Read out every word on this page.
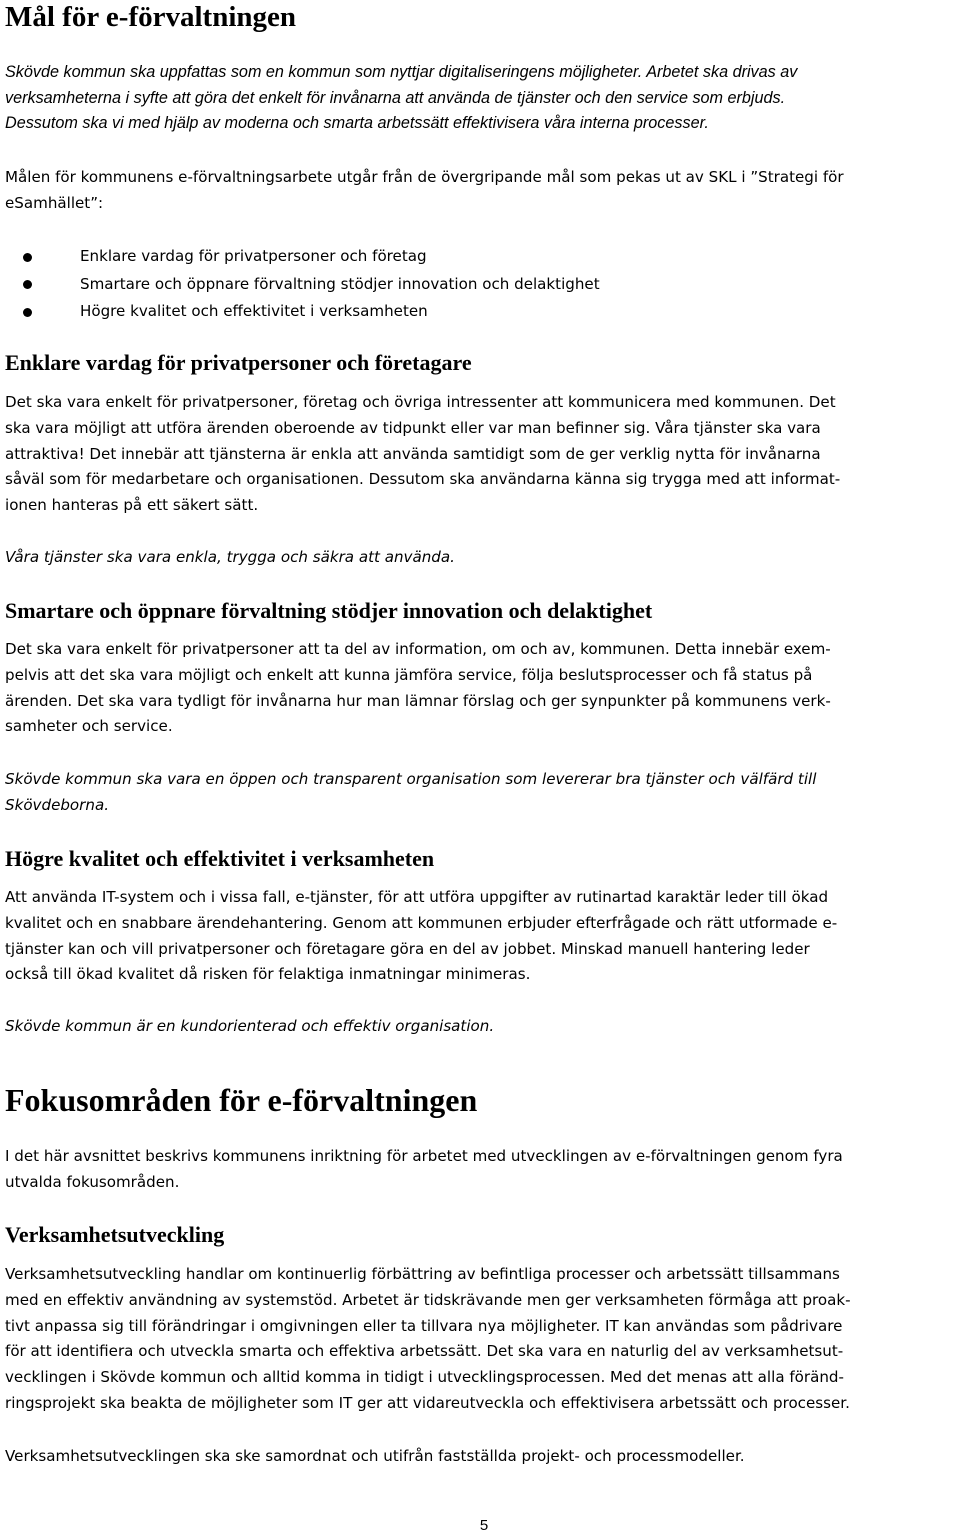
Mål för e-förvaltningen

Skövde kommun ska uppfattas som en kommun som nyttjar digitaliseringens möjligheter. Arbetet ska drivas av
verksamheterna i syfte att göra det enkelt för invånarna att använda de tjänster och den service som erbjuds.
Dessutom ska vi med hjälp av moderna och smarta arbetssätt effektivisera våra interna processer.

Målen för kommunens e-förvaltningsarbete utgår från de övergripande mål som pekas ut av SKL i ”Strategi för
eSamhället”:

Enklare vardag för privatpersoner och företag
Smartare och öppnare förvaltning stödjer innovation och delaktighet
Högre kvalitet och effektivitet i verksamheten
Enklare vardag för privatpersoner och företagare

Det ska vara enkelt för privatpersoner, företag och övriga intressenter att kommunicera med kommunen. Det
ska vara möjligt att utföra ärenden oberoende av tidpunkt eller var man befinner sig. Våra tjänster ska vara
attraktiva! Det innebär att tjänsterna är enkla att använda samtidigt som de ger verklig nytta för invånarna
såväl som för medarbetare och organisationen. Dessutom ska användarna känna sig trygga med att informat-
ionen hanteras på ett säkert sätt.

Våra tjänster ska vara enkla, trygga och säkra att använda.

Smartare och öppnare förvaltning stödjer innovation och delaktighet

Det ska vara enkelt för privatpersoner att ta del av information, om och av, kommunen. Detta innebär exem-
pelvis att det ska vara möjligt och enkelt att kunna jämföra service, följa beslutsprocesser och få status på
ärenden. Det ska vara tydligt för invånarna hur man lämnar förslag och ger synpunkter på kommunens verk-
samheter och service.

Skövde kommun ska vara en öppen och transparent organisation som levererar bra tjänster och välfärd till
Skövdeborna.

Högre kvalitet och effektivitet i verksamheten

Att använda IT-system och i vissa fall, e-tjänster, för att utföra uppgifter av rutinartad karaktär leder till ökad
kvalitet och en snabbare ärendehantering. Genom att kommunen erbjuder efterfrågade och rätt utformade e-
tjänster kan och vill privatpersoner och företagare göra en del av jobbet. Minskad manuell hantering leder
också till ökad kvalitet då risken för felaktiga inmatningar minimeras.

Skövde kommun är en kundorienterad och effektiv organisation.

Fokusområden för e-förvaltningen

I det här avsnittet beskrivs kommunens inriktning för arbetet med utvecklingen av e-förvaltningen genom fyra
utvalda fokusområden.

Verksamhetsutveckling

Verksamhetsutveckling handlar om kontinuerlig förbättring av befintliga processer och arbetssätt tillsammans
med en effektiv användning av systemstöd. Arbetet är tidskrävande men ger verksamheten förmåga att proak-
tivt anpassa sig till förändringar i omgivningen eller ta tillvara nya möjligheter. IT kan användas som pådrivare
för att identifiera och utveckla smarta och effektiva arbetssätt. Det ska vara en naturlig del av verksamhetsut-
vecklingen i Skövde kommun och alltid komma in tidigt i utvecklingsprocessen. Med det menas att alla föränd-
ringsprojekt ska beakta de möjligheter som IT ger att vidareutveckla och effektivisera arbetssätt och processer.

Verksamhetsutvecklingen ska ske samordnat och utifrån fastställda projekt- och processmodeller.

5
